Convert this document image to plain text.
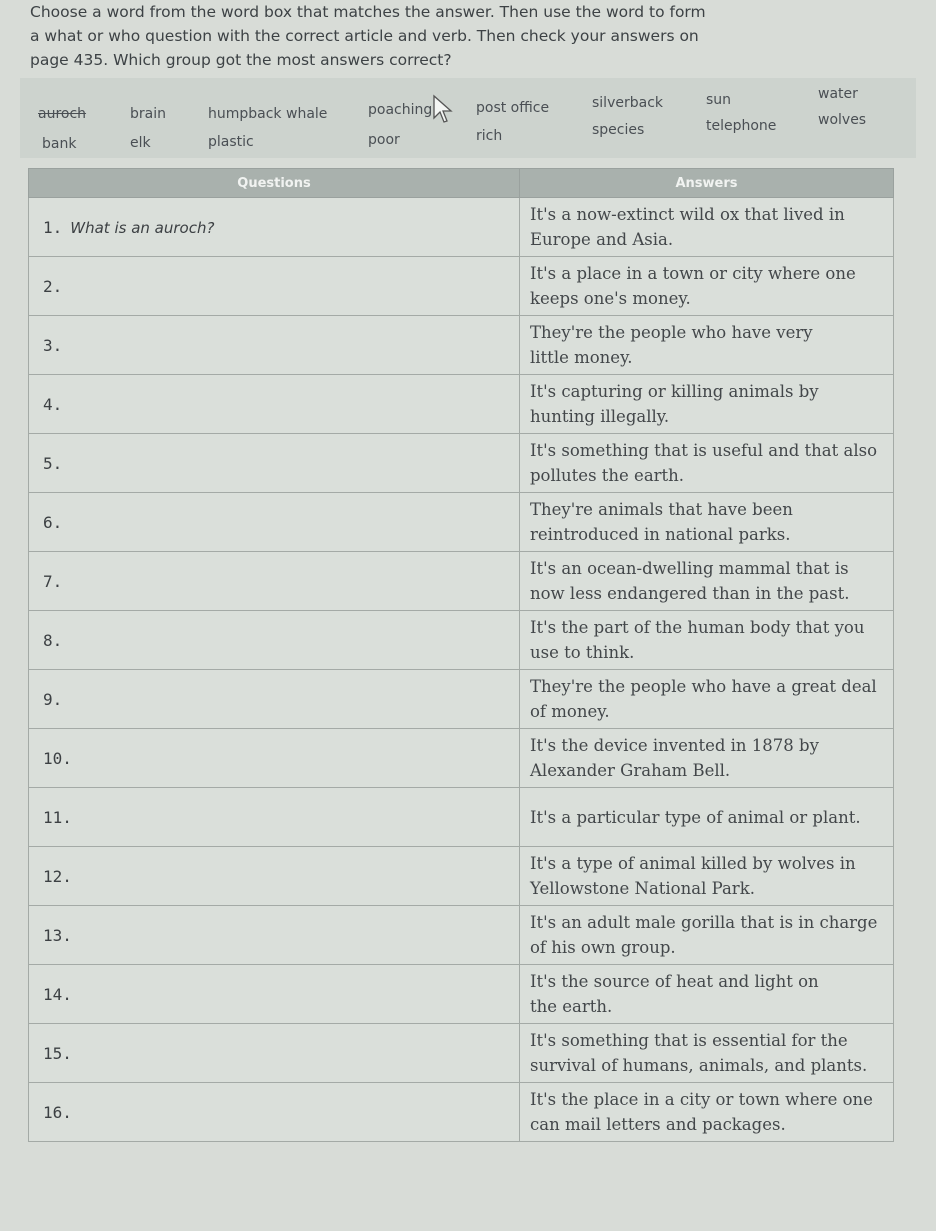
Choose a word from the word box that matches the answer. Then use the word to form
a what or who question with the correct article and verb. Then check your answers on
page 435. Which group got the most answers correct?
auroch	brain	humpback whale	poaching	post office	silverback	sun	water
bank	elk	plastic	poor	rich	species	telephone	wolves
Questions	Answers
1. What is an auroch?	It's a now-extinct wild ox that lived in
Europe and Asia.

2.	It's a place in a town or city where one
keeps one's money.

3.	They're the people who have very
little money.

4.	It's capturing or killing animals by
hunting illegally.

5.	It's something that is useful and that also
pollutes the earth.

6.	They're animals that have been
reintroduced in national parks.

7.	It's an ocean-dwelling mammal that is
now less endangered than in the past.

8.	It's the part of the human body that you
use to think.

9.	They're the people who have a great deal
of money.

10.	It's the device invented in 1878 by
Alexander Graham Bell.

11.	It's a particular type of animal or plant.

12.	It's a type of animal killed by wolves in
Yellowstone National Park.

13.	It's an adult male gorilla that is in charge
of his own group.

14.	It's the source of heat and light on
the earth.

15.	It's something that is essential for the
survival of humans, animals, and plants.

16.	It's the place in a city or town where one
can mail letters and packages.
